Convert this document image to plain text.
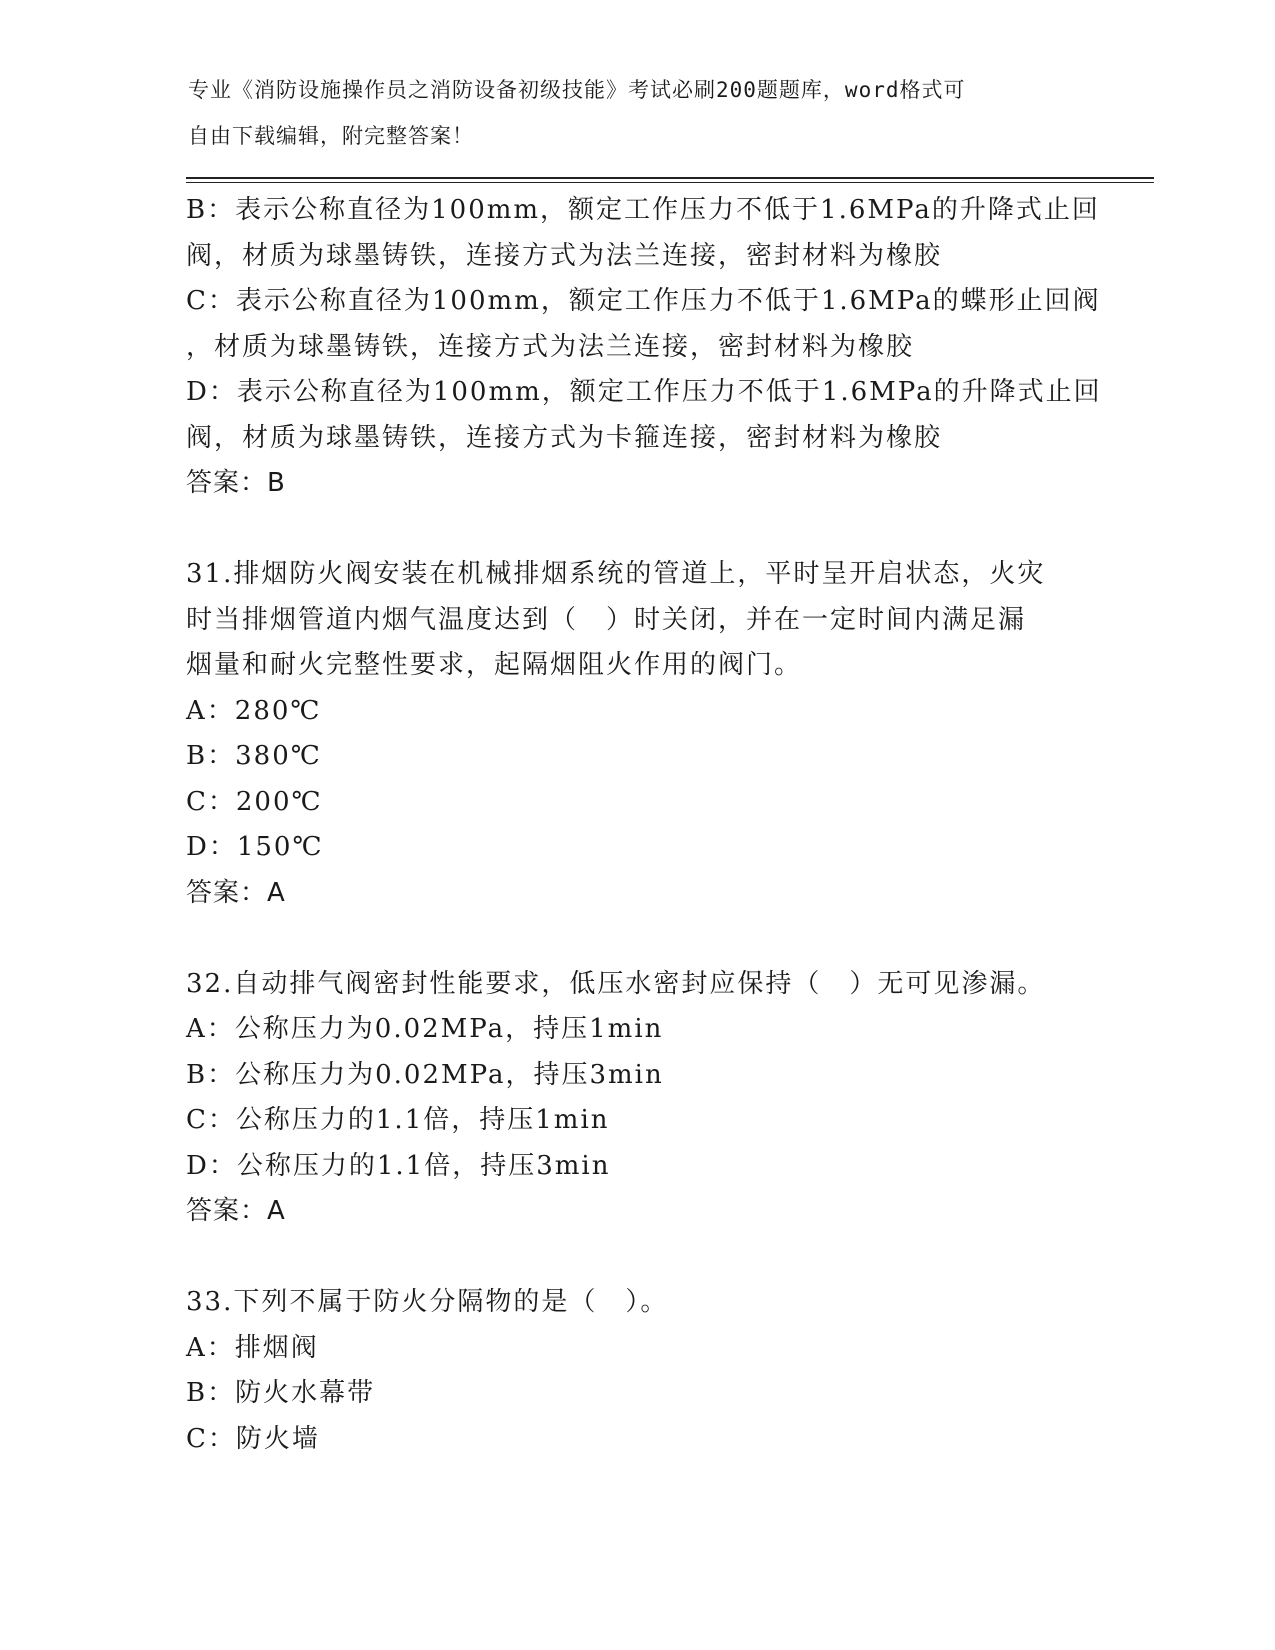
专业《消防设施操作员之消防设备初级技能》考试必刷200题题库，word格式可
自由下载编辑，附完整答案！
B：表示公称直径为100mm，额定工作压力不低于1.6MPa的升降式止回
阀，材质为球墨铸铁，连接方式为法兰连接，密封材料为橡胶
C：表示公称直径为100mm，额定工作压力不低于1.6MPa的蝶形止回阀
，材质为球墨铸铁，连接方式为法兰连接，密封材料为橡胶
D：表示公称直径为100mm，额定工作压力不低于1.6MPa的升降式止回
阀，材质为球墨铸铁，连接方式为卡箍连接，密封材料为橡胶
答案：B
31.排烟防火阀安装在机械排烟系统的管道上，平时呈开启状态，火灾
时当排烟管道内烟气温度达到（　）时关闭，并在一定时间内满足漏
烟量和耐火完整性要求，起隔烟阻火作用的阀门。
A：280℃
B：380℃
C：200℃
D：150℃
答案：A
32.自动排气阀密封性能要求，低压水密封应保持（　）无可见渗漏。
A：公称压力为0.02MPa，持压1min
B：公称压力为0.02MPa，持压3min
C：公称压力的1.1倍，持压1min
D：公称压力的1.1倍，持压3min
答案：A
33.下列不属于防火分隔物的是（　）。
A：排烟阀
B：防火水幕带
C：防火墙
